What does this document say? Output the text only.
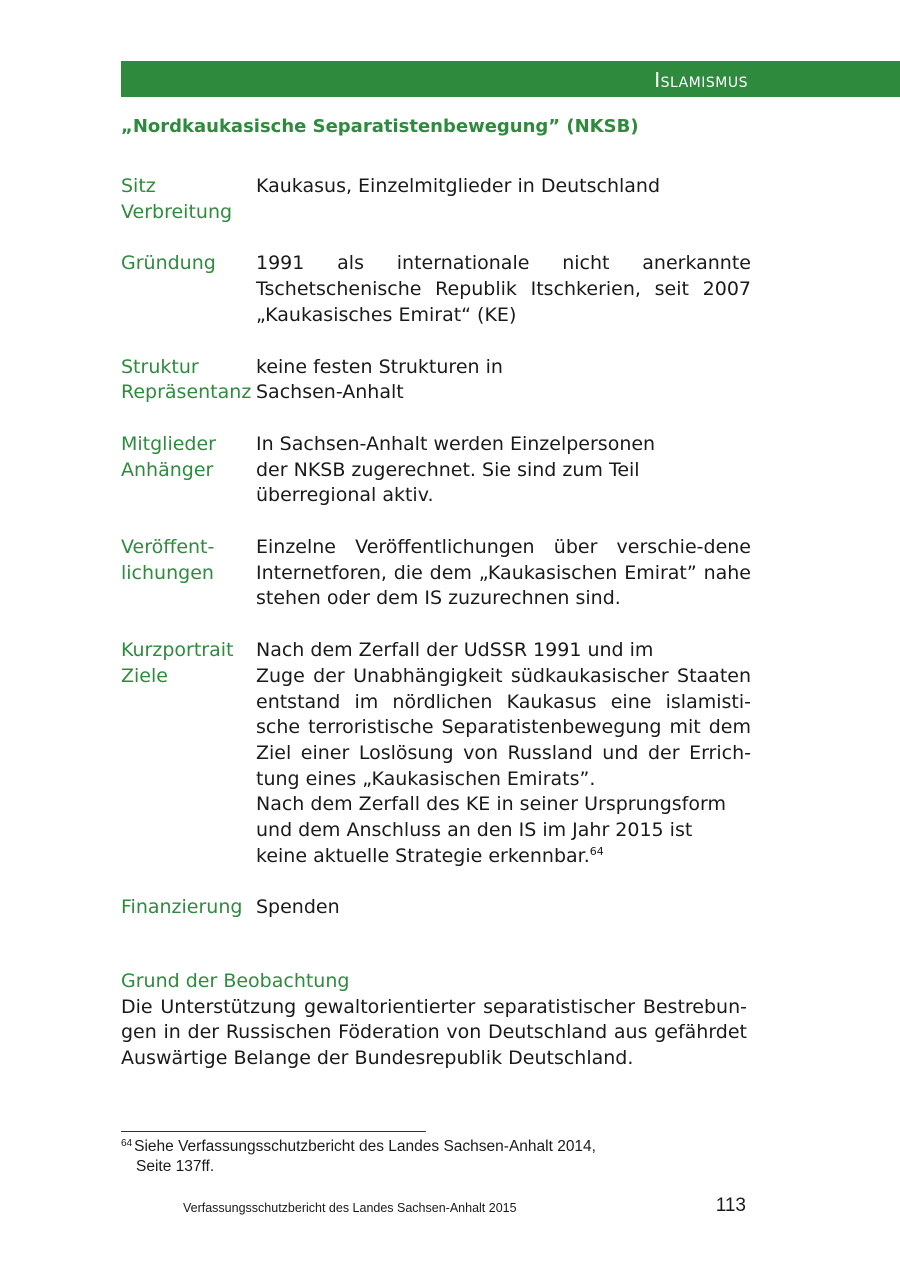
Islamismus
„Nordkaukasische Separatistenbewegung” (NKSB)
Sitz
Verbreitung

Kaukasus, Einzelmitglieder in Deutschland

Gründung	1991 als internationale nicht anerkannte Tschetschenische Republik Itschkerien, seit 2007 „Kaukasisches Emirat“ (KE)

Struktur
Repräsentanz

keine festen Strukturen in

Sachsen-Anhalt

Mitglieder
Anhänger

In Sachsen-Anhalt werden Einzelpersonen

der NKSB zugerechnet. Sie sind zum Teil

überregional aktiv.

Veröffent-
lichungen

Einzelne Veröffentlichungen über verschie-dene Internetforen, die dem „Kaukasischen Emirat” nahe stehen oder dem IS zuzurechnen sind.

Kurzportrait
Ziele

Nach dem Zerfall der UdSSR 1991 und im

Zuge der Unabhängigkeit südkaukasischer Staaten entstand im nördlichen Kaukasus eine islamisti-sche terroristische Separatistenbewegung mit dem Ziel einer Loslösung von Russland und der Errich-tung eines „Kaukasischen Emirats”.

Nach dem Zerfall des KE in seiner Ursprungsform

und dem Anschluss an den IS im Jahr 2015 ist

keine aktuelle Strategie erkennbar.$^{64}$

Finanzierung Spenden

Grund der Beobachtung

Die Unterstützung gewaltorientierter separatistischer Bestrebun-gen in der Russischen Föderation von Deutschland aus gefährdet Auswärtige Belange der Bundesrepublik Deutschland.

$^{64}$ Siehe Verfassungsschutzbericht des Landes Sachsen-Anhalt 2014,
Seite 137ff.
Verfassungsschutzbericht des Landes Sachsen-Anhalt 2015	113
